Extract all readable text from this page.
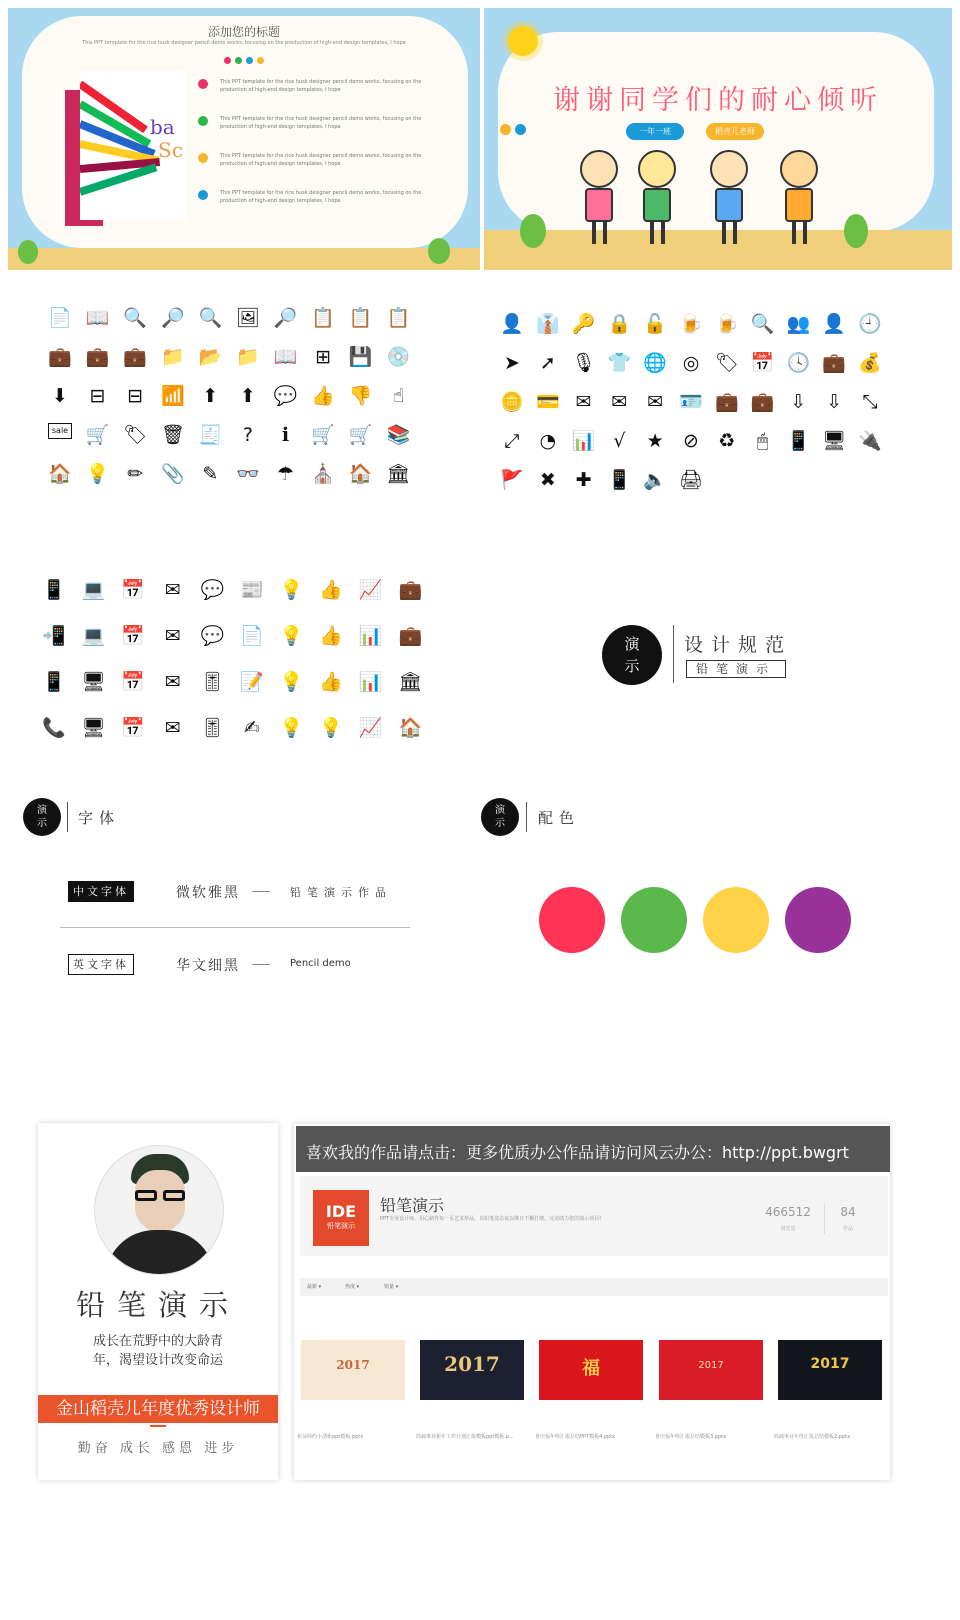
添加您的标题
This PPT template for the rice husk designer pencil demo works, focusing on the production of high-end design templates, I hope
ba
Sc
This PPT template for the rice husk designer pencil demo works, focusing on the production of high-end design templates, I hope
This PPT template for the rice husk designer pencil demo works, focusing on the production of high-end design templates, I hope
This PPT template for the rice husk designer pencil demo works, focusing on the production of high-end design templates, I hope
This PPT template for the rice husk designer pencil demo works, focusing on the production of high-end design templates, I hope
谢谢同学们的耐心倾听
一年一班	稻壳儿老师
📄 📖 🔍 🔎 🔍 🖼 🔎 📋 📋 📋
💼 💼 💼 📁 📂 📁 📖 ⊞ 💾 💿
⬇ ⊟ ⊟ 📶 ⬆ ⬆ 💬 👍 👎	☝
sale 🛒 🏷 🗑 🧾	?	ℹ	🛒 🛒 📚
🏠 💡 ✏ 📎 ✎ 👓 ☂ ⛪ 🏠 🏛
👤 👔 🔑 🔒 🔓 🍺 🍺 🔍 👥 👤 🕘
➤ ➚ 🎙 👕 🌐 ◎ 🏷 📅 🕓 💼 💰
🪙 💳 ✉ ✉ ✉ 🪪 💼 💼 ⇩ ⇩ ⤡
⤢ ◔ 📊 √	★ ⊘ ♻	🖱 📱 🖥 🔌
🚩 ✖ ✚ 📱 🔈 🖨
📱 💻 📅 ✉ 💬 📰 💡 👍 📈 💼
📲 💻 📅 ✉ 💬 📄 💡 👍 📊 💼
📱 🖥 📅 ✉ 🎚 📝 💡 👍 📊 🏛
📞 🖥 📅 ✉ 🎚 ✍ 💡 💡 📈 🏠
演
示
设计规范
铅笔演示
演
示	字体
中文字体	微软雅黑	铅笔演示作品
英文字体	华文细黑	Pencil demo
演
示	配色
铅笔演示
成长在荒野中的大龄青
年，渴望设计改变命运
金山稻壳儿年度优秀设计师
勤奋 成长 感恩 进步
喜欢我的作品请点击：更多优质办公作品请访问风云办公：http://ppt.bwgrt
IDE
铅笔演示
铅笔演示
PPT专业设计师，用心制作每一页艺术珍品，以铅笔姿态夜以继日不懈打磨，完美助力您的演示项目!	466512
浏览量
84
作品
最新 ▾	热度 ▾	销量 ▾
2017	2017	福	2017	2017
花朵简约小清新ppt模板.pptx	简疏事业新年工作计划汇报模板ppt模板.p...	喜庆福年终汇报总结PPT模板4.pptx	喜庆福年终汇报总结模板3.pptx	简疏事业年终汇报总结模板2.pptx
